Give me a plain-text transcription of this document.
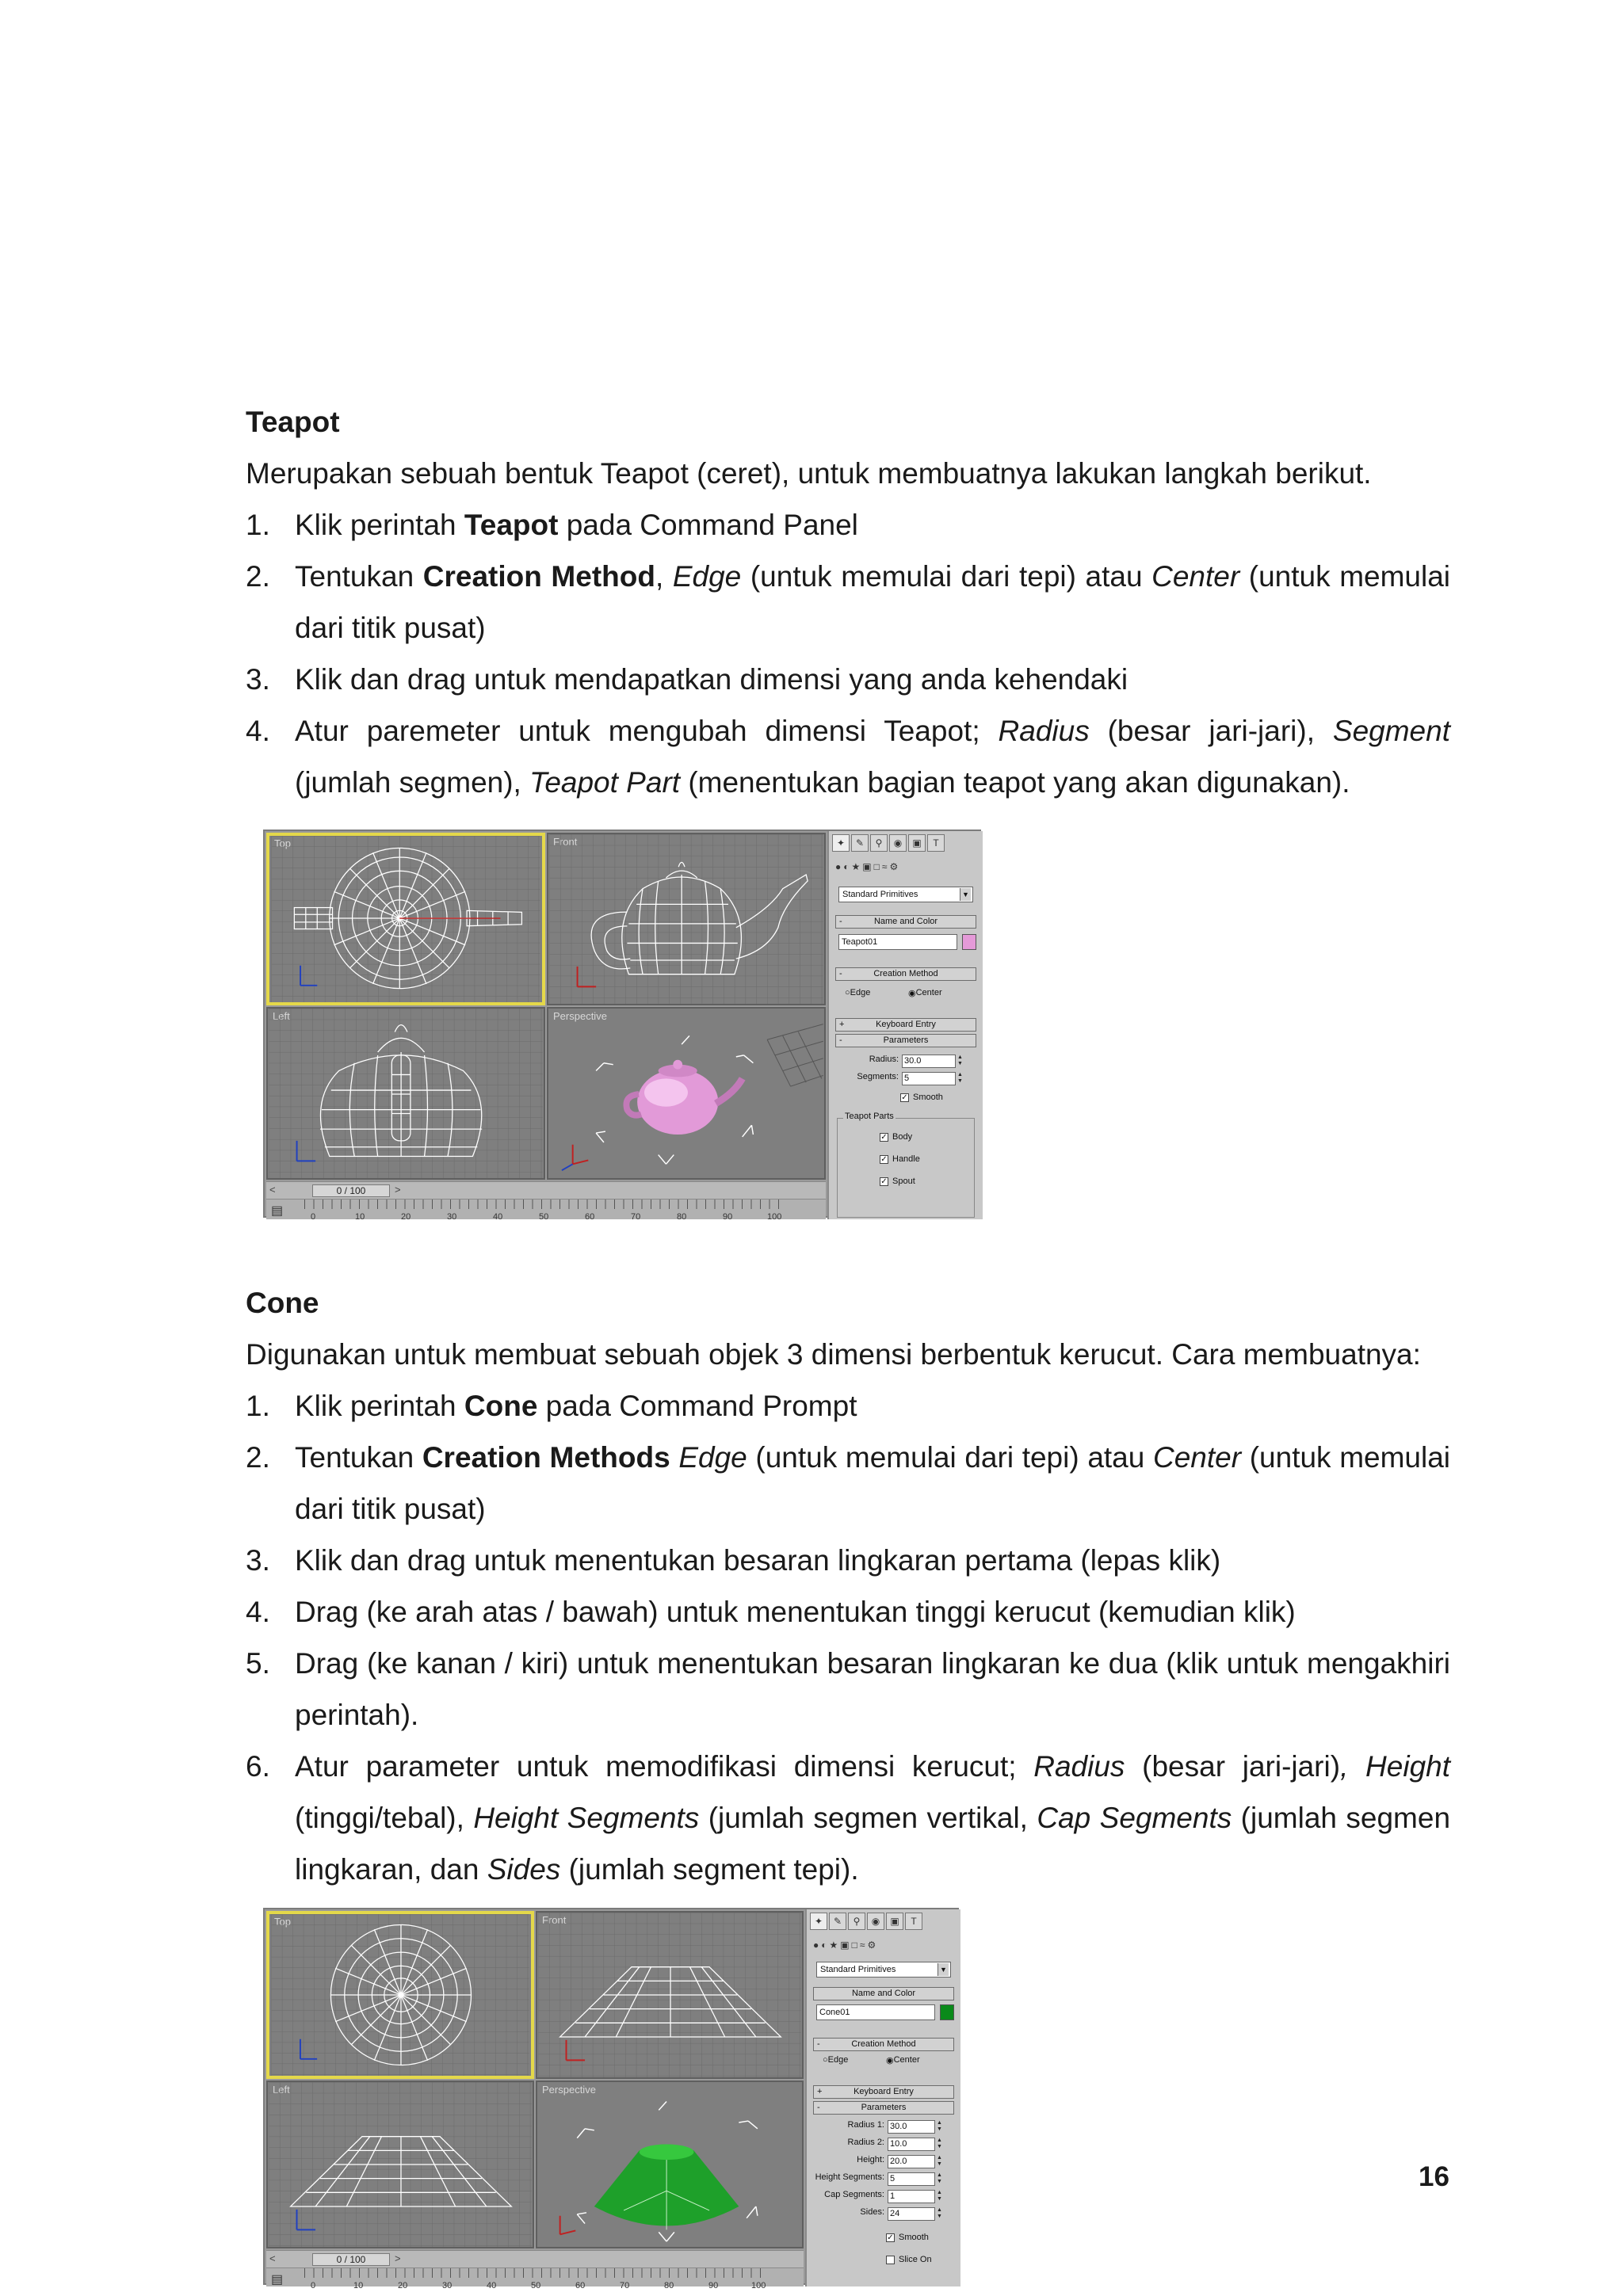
Teapot
Merupakan sebuah bentuk Teapot (ceret), untuk membuatnya lakukan langkah berikut.
1. Klik perintah Teapot pada Command Panel
2. Tentukan Creation Method, Edge (untuk memulai dari tepi) atau Center (untuk memulai dari titik pusat)
3. Klik dan drag untuk mendapatkan dimensi yang anda kehendaki
4. Atur paremeter untuk mengubah dimensi Teapot; Radius (besar jari-jari), Segment (jumlah segmen), Teapot Part (menentukan bagian teapot yang akan digunakan).
Perspective
<	0 / 100	>
▤	0	10	20	30	40	50	60	70	80	90	100
✦	✎	⚲	◉	▣	T
● ◐ ★ ▣ □ ≈ ⚙
Standard Primitives	▼
-	Name and Color
Teapot01
-	Creation Method
○ Edge	◉ Center
+	Keyboard Entry
-	Parameters
Radius: 30.0	▲
▼
Segments: 5	▲
▼
✓ Smooth
Teapot Parts
✓ Body
✓ Handle
✓ Spout
Cone
Digunakan untuk membuat sebuah objek 3 dimensi berbentuk kerucut. Cara membuatnya:
1. Klik perintah Cone pada Command Prompt
2. Tentukan Creation Methods Edge (untuk memulai dari tepi) atau Center (untuk memulai dari titik pusat)
3. Klik dan drag untuk menentukan besaran lingkaran pertama (lepas klik)
4. Drag (ke arah atas / bawah) untuk menentukan tinggi kerucut (kemudian klik)
5. Drag (ke kanan / kiri) untuk menentukan besaran lingkaran ke dua (klik untuk mengakhiri perintah).
6. Atur parameter untuk memodifikasi dimensi kerucut; Radius (besar jari-jari), Height (tinggi/tebal), Height Segments (jumlah segmen vertikal, Cap Segments (jumlah segmen lingkaran, dan Sides (jumlah segment tepi).
Perspective
<	0 / 100	>
▤	0	10	20	30	40	50	60	70	80	90	100
✦	✎	⚲	◉	▣	T
● ◐ ★ ▣ □ ≈ ⚙
Standard Primitives	▼
Name and Color
Cone01
-	Creation Method
○ Edge	◉ Center
+	Keyboard Entry
-	Parameters
Radius 1: 30.0	▲
▼
Radius 2: 10.0	▲
▼
Height: 20.0	▲
▼
Height Segments: 5	▲
▼
Cap Segments: 1	▲
▼
Sides: 24	▲
▼
✓ Smooth
Slice On
16
